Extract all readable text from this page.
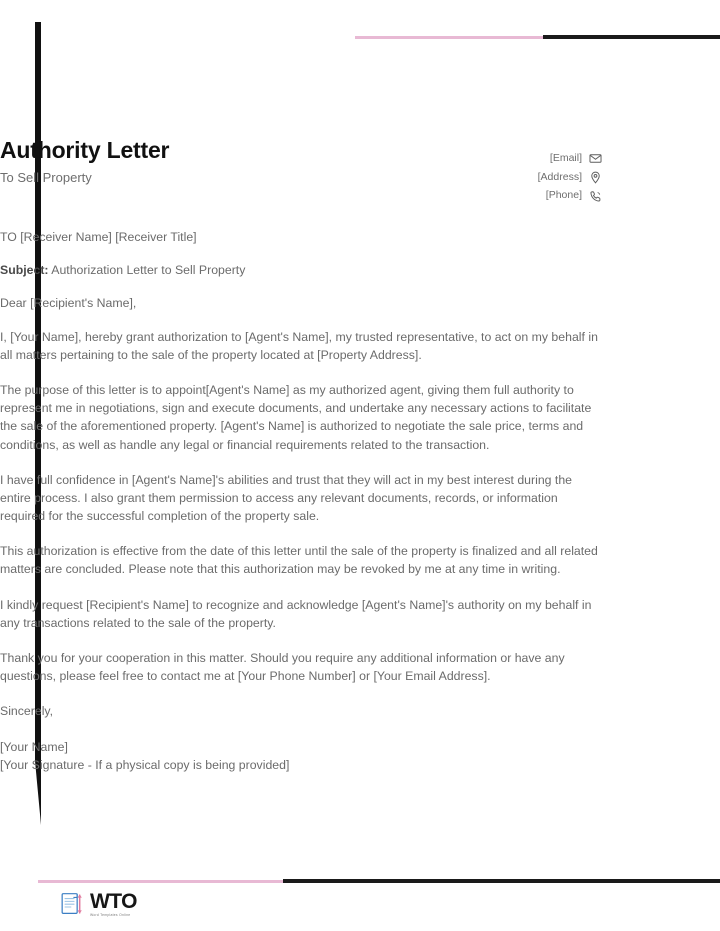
Authority Letter

To Sell Property

[Email]
[Address]
[Phone]

TO [Receiver Name] [Receiver Title]

Subject: Authorization Letter to Sell Property

Dear [Recipient's Name],

I, [Your Name], hereby grant authorization to [Agent's Name], my trusted representative, to act on my behalf in all matters pertaining to the sale of the property located at [Property Address].

The purpose of this letter is to appoint[Agent's Name] as my authorized agent, giving them full authority to represent me in negotiations, sign and execute documents, and undertake any necessary actions to facilitate the sale of the aforementioned property. [Agent's Name] is authorized to negotiate the sale price, terms and conditions, as well as handle any legal or financial requirements related to the transaction.

I have full confidence in [Agent's Name]'s abilities and trust that they will act in my best interest during the entire process. I also grant them permission to access any relevant documents, records, or information required for the successful completion of the property sale.

This authorization is effective from the date of this letter until the sale of the property is finalized and all related matters are concluded. Please note that this authorization may be revoked by me at any time in writing.

I kindly request [Recipient's Name] to recognize and acknowledge [Agent's Name]'s authority on my behalf in any transactions related to the sale of the property.

Thank you for your cooperation in this matter. Should you require any additional information or have any questions, please feel free to contact me at [Your Phone Number] or [Your Email Address].

Sincerely,

[Your Name]

[Your Signature - If a physical copy is being provided]

WTO
Word Templates Online
